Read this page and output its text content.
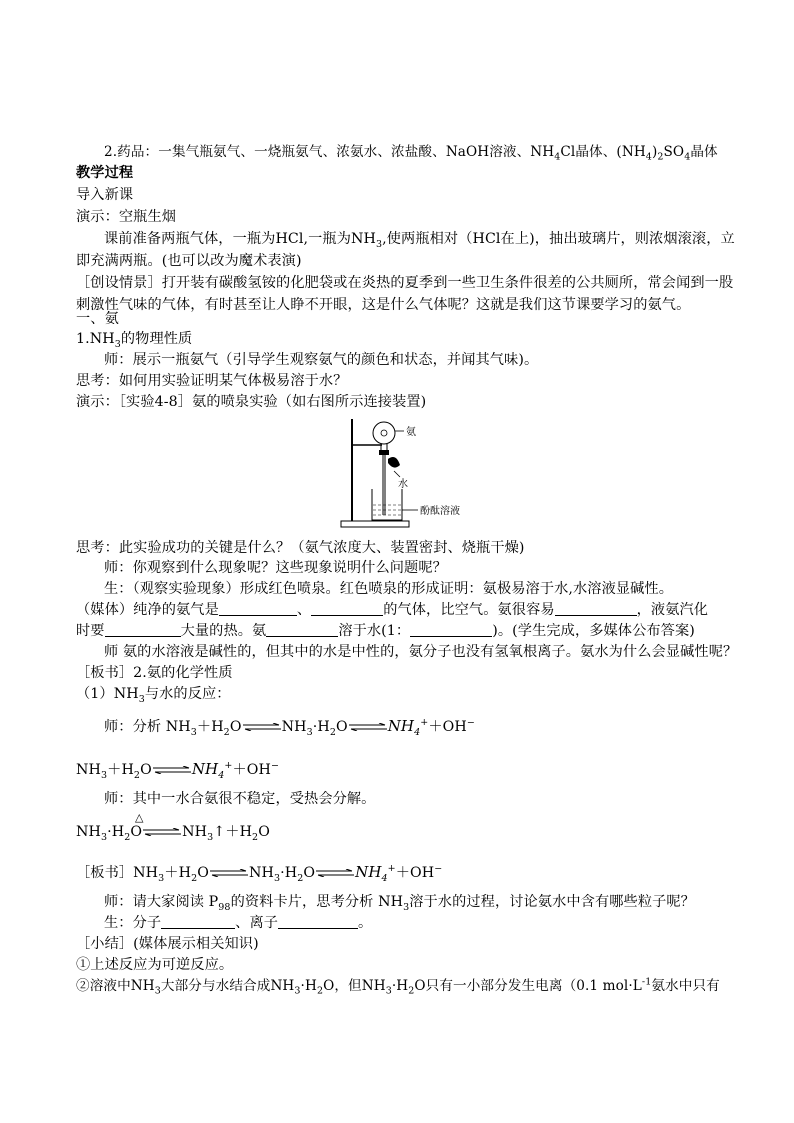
2.药品：一集气瓶氨气、一烧瓶氨气、浓氨水、浓盐酸、NaOH溶液、$NH_4Cl$晶体、$(NH_4)_2SO_4$晶体
教学过程
导入新课
演示：空瓶生烟
课前准备两瓶气体，一瓶为HCl,一瓶为$NH_3$,使两瓶相对（HCl在上)，抽出玻璃片，则浓烟滚滚，立
即充满两瓶。(也可以改为魔术表演)
［创设情景］打开装有碳酸氢铵的化肥袋或在炎热的夏季到一些卫生条件很差的公共厕所，常会闻到一股
刺激性气味的气体，有时甚至让人睁不开眼，这是什么气体呢？这就是我们这节课要学习的氨气。
一、氨
$1.NH_3$的物理性质
师：展示一瓶氨气（引导学生观察氨气的颜色和状态，并闻其气味)。
思考：如何用实验证明某气体极易溶于水？
演示：［实验4-8］氨的喷泉实验（如右图所示连接装置)
氨
水
酚酞溶液
思考：此实验成功的关键是什么？（氨气浓度大、装置密封、烧瓶干燥)
师：你观察到什么现象呢？这些现象说明什么问题呢？
生：（观察实验现象）形成红色喷泉。红色喷泉的形成证明：氨极易溶于水,水溶液显碱性。
（媒体）纯净的氨气是	、	的气体，比空气。氨很容易	，液氨汽化
时要	大量的热。氨	溶于水(1：	)。(学生完成，多媒体公布答案)
师 氨的水溶液是碱性的，但其中的水是中性的，氨分子也没有氢氧根离子。氨水为什么会显碱性呢？
［板书］2.氨的化学性质
$(1)NH_3$与水的反应：
师：分析 $NH_3+H_2O\rightleftharpoons NH_3\cdot H_2O\rightleftharpoons NH_4^++OH^-$
$NH_3+H_2O\rightleftharpoons NH_4^++OH^-$
师：其中一水合氨很不稳定，受热会分解。
△
$NH_3\cdot H_2O\rightleftharpoons NH_3↑+H_2O$
［板书$]NH_3+H_2O\rightleftharpoons NH_3\cdot H_2O\rightleftharpoons NH_4^++OH^-$
师：请大家阅读 $P_{98}$的资料卡片，思考分析 $NH_3$溶于水的过程，讨论氨水中含有哪些粒子呢？
生：分子	、离子	。
［小结］(媒体展示相关知识)
①上述反应为可逆反应。
②溶液中$NH_3$大部分与水结合成$NH_3\cdot H_2O$，但$NH_3\cdot H_2O$只有一小部分发生电离（0.1 $mol\cdot L^{-1}$氨水中只有
